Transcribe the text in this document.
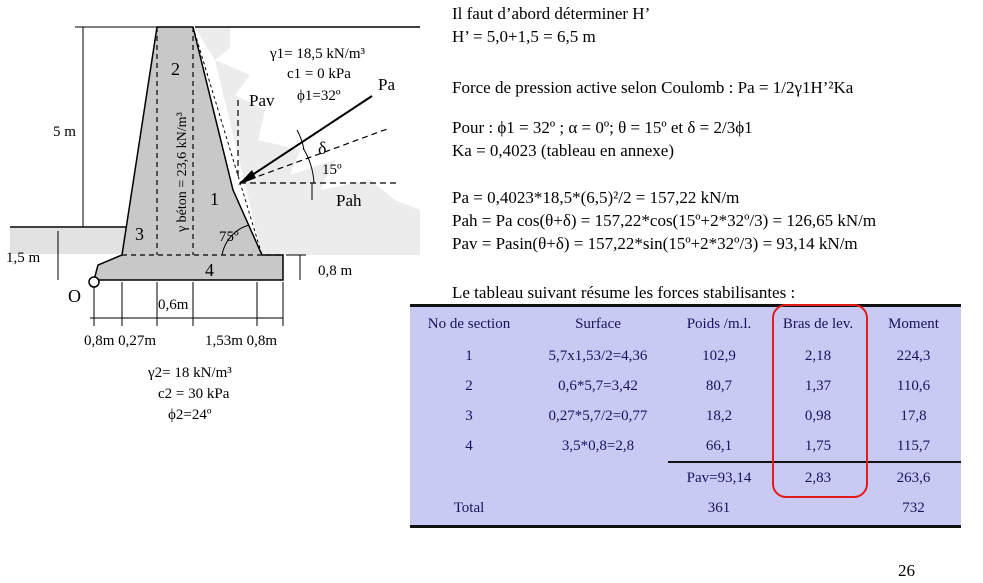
γ1= 18,5 kN/m³
c1 = 0 kPa
ϕ1=32º
Pav
Pa
Pah
δ
15º
75º
1
2
3
4
γ béton = 23,6 kN/m³
5 m
1,5 m
0,8 m
O	0,6m
0,8m 0,27m	1,53m 0,8m
γ2= 18 kN/m³
c2 = 30 kPa
ϕ2=24º
Il faut d’abord déterminer H’
H’ = 5,0+1,5 = 6,5 m
Force de pression active selon Coulomb : Pa = 1/2γ1H’²Ka
Pour : ϕ1 = 32º ; α = 0º; θ = 15º et δ = 2/3ϕ1
Ka = 0,4023 (tableau en annexe)
Pa = 0,4023*18,5*(6,5)²/2 = 157,22 kN/m
Pah = Pa cos(θ+δ) = 157,22*cos(15º+2*32º/3) = 126,65 kN/m
Pav = Pasin(θ+δ) = 157,22*sin(15º+2*32º/3) = 93,14 kN/m
Le tableau suivant résume les forces stabilisantes :
No de section	Surface	Poids /m.l.	Bras de lev.	Moment
1	5,7x1,53/2=4,36	102,9	2,18	224,3
2	0,6*5,7=3,42	80,7	1,37	110,6
3	0,27*5,7/2=0,77	18,2	0,98	17,8
4	3,5*0,8=2,8	66,1	1,75	115,7
		Pav=93,14	2,83	263,6
Total		361		732
26
